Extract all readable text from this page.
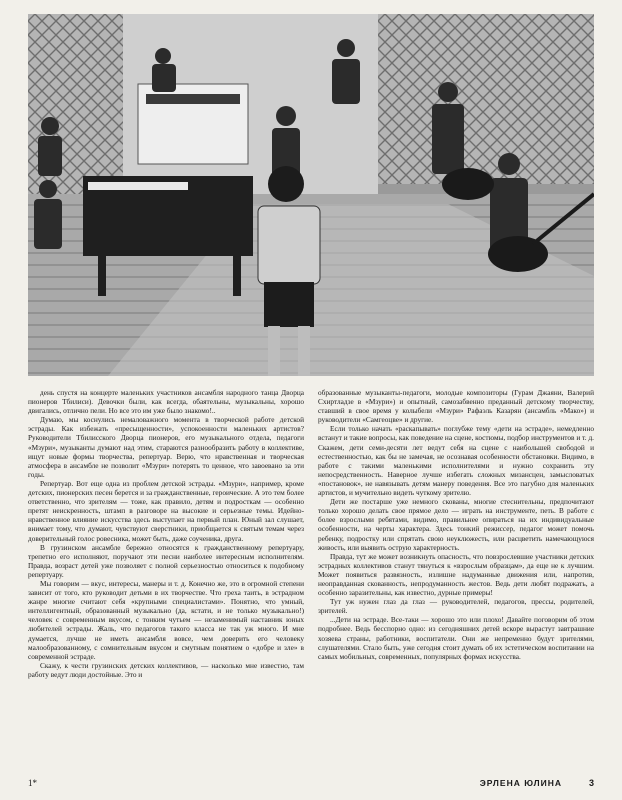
день спустя на концерте маленьких участников ансамбля народного танца Дворца пионеров Тбилиси). Девочки были, как всегда, обаятельны, музыкальны, хорошо двигались, отлично пели. Но все это им уже было знакомо!..

Думаю, мы коснулись немаловажного момента в творческой работе детской эстрады. Как избежать «пресыщенности», успокоенности маленьких артистов? Руководители Тбилисского Дворца пионеров, его музыкального отдела, педагоги «Мзури», музыканты думают над этим, стараются разнообразить работу в коллективе, ищут новые формы творчества, репертуар. Верю, что нравственная и творческая атмосфера в ансамбле не позволит «Мзури» потерять то ценное, что завоевано за эти годы.

Репертуар. Вот еще одна из проблем детской эстрады. «Мзури», например, кроме детских, пионерских песен берется и за гражданственные, героические. А это тем более ответственно, что зрителям — тоже, как правило, детям и подросткам — особенно претят неискренность, штамп в разговоре на высокие и серьезные темы. Идейно-нравственное влияние искусства здесь выступает на первый план. Юный зал слушает, внимает тому, что думают, чувствуют сверстники, приобщается к святым темам через доверительный голос ровесника, может быть, даже соученика, друга.

В грузинском ансамбле бережно относятся к гражданственному репертуару, трепетно его исполняют, поручают эти песни наиболее интересным исполнителям. Правда, возраст детей уже позволяет с полной серьезностью относиться к подобному репертуару.

Мы говорим — вкус, интересы, манеры и т. д. Конечно же, это в огромной степени зависит от того, кто руководит детьми в их творчестве. Что греха таить, в эстрадном жанре многие считают себя «крупными специалистами». Понятно, что умный, интеллигентный, образованный музыкально (да, кстати, и не только музыкально!) человек с современным вкусом, с тонким чутьем — незаменимый наставник юных любителей эстрады. Жаль, что педагогов такого класса не так уж много. И мне думается, лучше не иметь ансамбля вовсе, чем доверить его человеку малообразованному, с сомнительным вкусом и смутным понятием о «добре и зле» в современной эстраде.

Скажу, к чести грузинских детских коллективов, — насколько мне известно, там работу ведут люди достойные. Это и

образованные музыканты-педагоги, молодые композиторы (Гурам Джаяни, Валерий Схиртладзе в «Мзури») и опытный, самозабвенно преданный детскому творчеству, ставший в свое время у колыбели «Мзури» Рафаэль Казарян (ансамбль «Мако») и руководители «Самгеоцве» и другие.

Если только начать «раскапывать» поглубже тему «дети на эстраде», немедленно встанут и такие вопросы, как поведение на сцене, костюмы, подбор инструментов и т. д. Скажем, дети семи-десяти лет ведут себя на сцене с наибольшей свободой и естественностью, как бы не замечая, не осознавая особенности обстановки. Видимо, в работе с такими маленькими исполнителями и нужно сохранить эту непосредственность. Наверное лучше избегать сложных мизансцен, замысловатых «постановок», не навязывать детям манеру поведения. Все это пагубно для маленьких артистов, и мучительно видеть чуткому зрителю.

Дети же постарше уже немного скованы, многие стеснительны, предпочитают только хорошо делать свое прямое дело — играть на инструменте, петь. В работе с более взрослыми ребятами, видимо, правильнее опираться на их индивидуальные особенности, на черты характера. Здесь тонкий режиссер, педагог может помочь ребенку, подростку или спрятать свою неуклюжесть, или расцветить намечающуюся живость, или выявить острую характерность.

Правда, тут же может возникнуть опасность, что повзрослевшие участники детских эстрадных коллективов станут тянуться к «взрослым образцам», да еще не к лучшим. Может появиться развязность, излишне надуманные движения или, напротив, неоправданная скованность, непродуманность жестов. Ведь дети любят подражать, а особенно заразительны, как известно, дурные примеры!

Тут уж нужен глаз да глаз — руководителей, педагогов, прессы, родителей, зрителей.

...Дети на эстраде. Все-таки — хорошо это или плохо! Давайте поговорим об этом подробнее. Ведь бесспорно одно: из сегодняшних детей вскоре вырастут завтрашние хозяева страны, работники, воспитатели. Они же непременно будут зрителями, слушателями. Стало быть, уже сегодня стоит думать об их эстетическом воспитании на самых мобильных, современных, популярных формах искусства.

1*	ЭРЛЕНА ЮЛИНА	3
